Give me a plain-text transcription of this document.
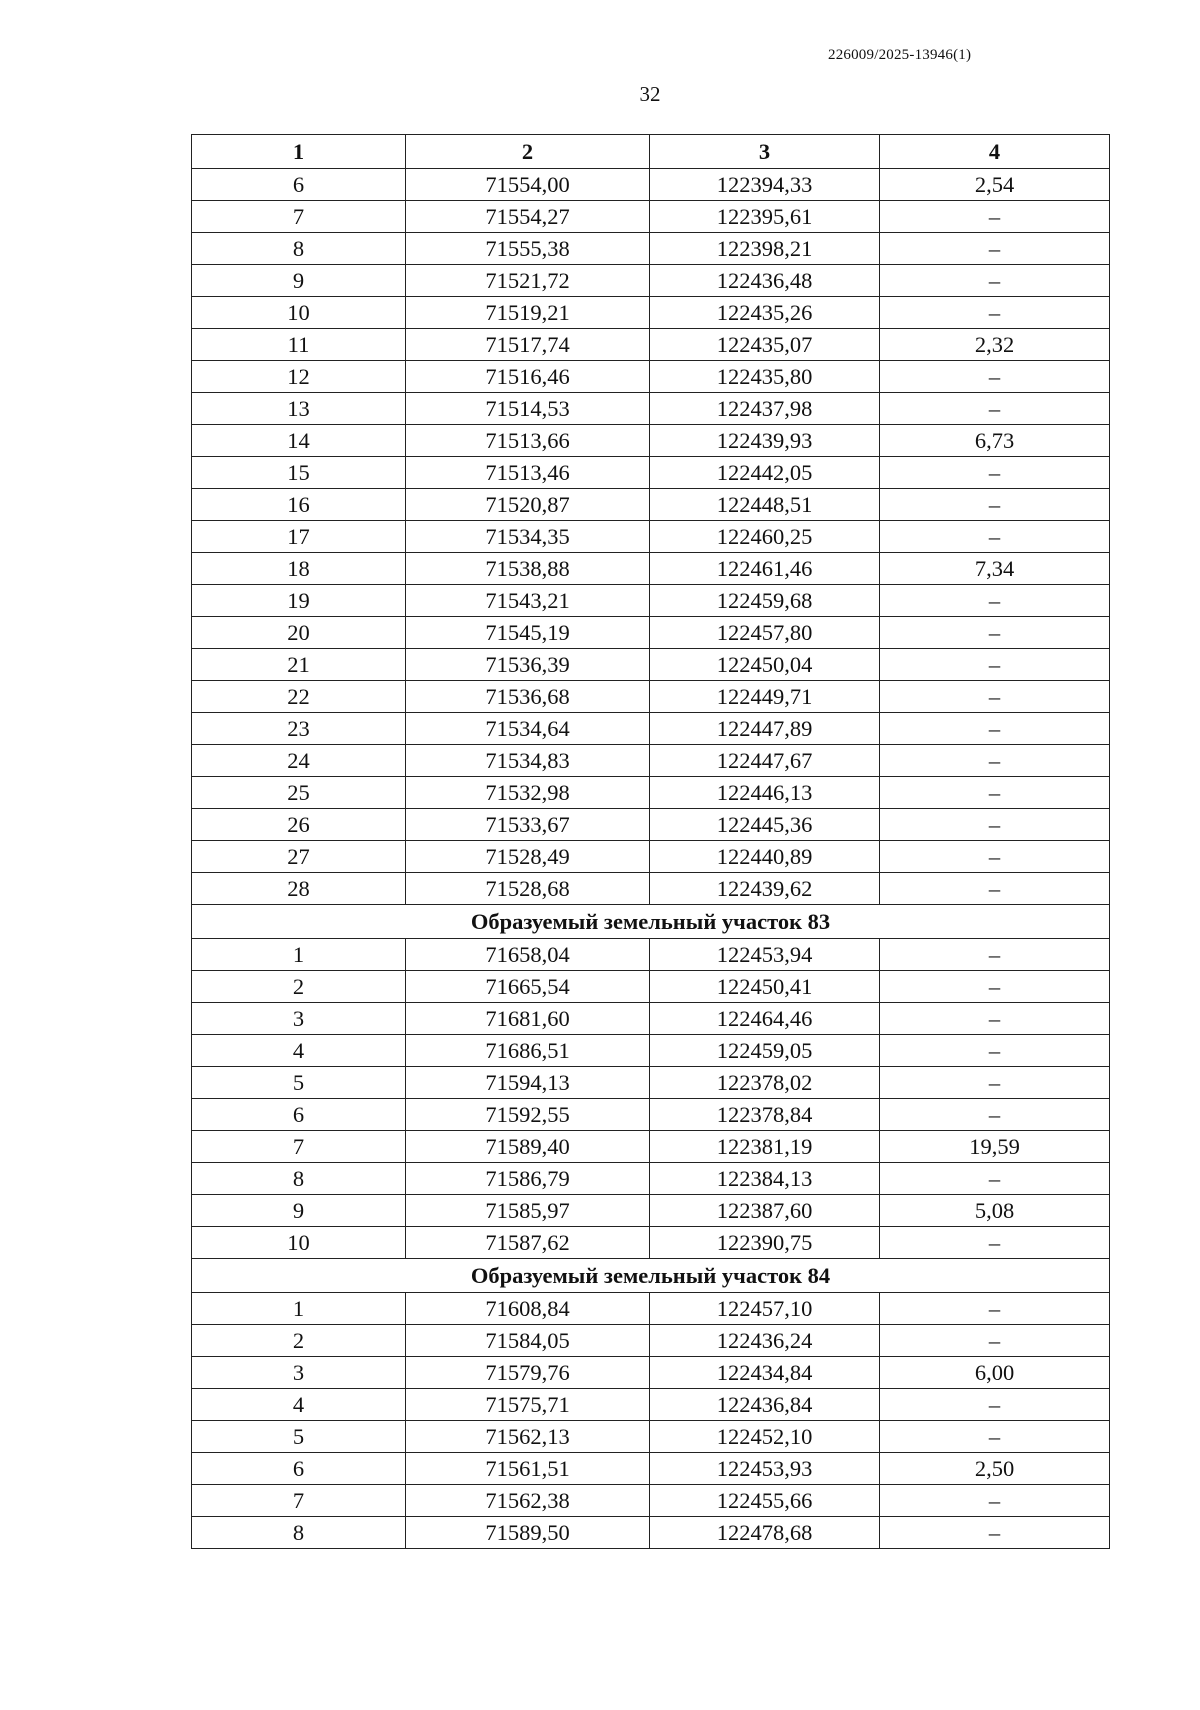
226009/2025-13946(1)
32
1	2	3	4
6	71554,00	122394,33	2,54
7	71554,27	122395,61	–
8	71555,38	122398,21	–
9	71521,72	122436,48	–
10	71519,21	122435,26	–
11	71517,74	122435,07	2,32
12	71516,46	122435,80	–
13	71514,53	122437,98	–
14	71513,66	122439,93	6,73
15	71513,46	122442,05	–
16	71520,87	122448,51	–
17	71534,35	122460,25	–
18	71538,88	122461,46	7,34
19	71543,21	122459,68	–
20	71545,19	122457,80	–
21	71536,39	122450,04	–
22	71536,68	122449,71	–
23	71534,64	122447,89	–
24	71534,83	122447,67	–
25	71532,98	122446,13	–
26	71533,67	122445,36	–
27	71528,49	122440,89	–
28	71528,68	122439,62	–
Образуемый земельный участок 83			
1	71658,04	122453,94	–
2	71665,54	122450,41	–
3	71681,60	122464,46	–
4	71686,51	122459,05	–
5	71594,13	122378,02	–
6	71592,55	122378,84	–
7	71589,40	122381,19	19,59
8	71586,79	122384,13	–
9	71585,97	122387,60	5,08
10	71587,62	122390,75	–
Образуемый земельный участок 84			
1	71608,84	122457,10	–
2	71584,05	122436,24	–
3	71579,76	122434,84	6,00
4	71575,71	122436,84	–
5	71562,13	122452,10	–
6	71561,51	122453,93	2,50
7	71562,38	122455,66	–
8	71589,50	122478,68	–
